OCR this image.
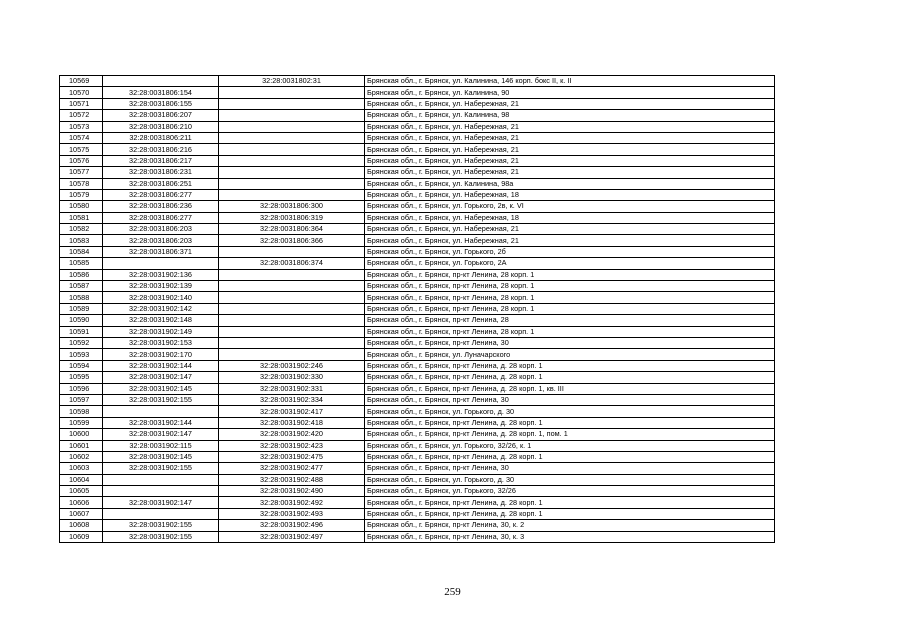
10569		32:28:0031802:31	Брянская обл., г. Брянск, ул. Калинина, 146 корп. бокс II, к. II
10570	32:28:0031806:154		Брянская обл., г. Брянск, ул. Калинина, 90
10571	32:28:0031806:155		Брянская обл., г. Брянск, ул. Набережная, 21
10572	32:28:0031806:207		Брянская обл., г. Брянск, ул. Калинина, 98
10573	32:28:0031806:210		Брянская обл., г. Брянск, ул. Набережная, 21
10574	32:28:0031806:211		Брянская обл., г. Брянск, ул. Набережная, 21
10575	32:28:0031806:216		Брянская обл., г. Брянск, ул. Набережная, 21
10576	32:28:0031806:217		Брянская обл., г. Брянск, ул. Набережная, 21
10577	32:28:0031806:231		Брянская обл., г. Брянск, ул. Набережная, 21
10578	32:28:0031806:251		Брянская обл., г. Брянск, ул. Калинина, 98а
10579	32:28:0031806:277		Брянская обл., г. Брянск, ул. Набережная, 18
10580	32:28:0031806:236	32:28:0031806:300	Брянская обл., г. Брянск, ул. Горького, 2в, к. VI
10581	32:28:0031806:277	32:28:0031806:319	Брянская обл., г. Брянск, ул. Набережная, 18
10582	32:28:0031806:203	32:28:0031806:364	Брянская обл., г. Брянск, ул. Набережная, 21
10583	32:28:0031806:203	32:28:0031806:366	Брянская обл., г. Брянск, ул. Набережная, 21
10584	32:28:0031806:371		Брянская обл., г. Брянск, ул. Горького, 2б
10585		32:28:0031806:374	Брянская обл., г. Брянск, ул. Горького, 2А
10586	32:28:0031902:136		Брянская обл., г. Брянск, пр-кт Ленина, 28 корп. 1
10587	32:28:0031902:139		Брянская обл., г. Брянск, пр-кт Ленина, 28 корп. 1
10588	32:28:0031902:140		Брянская обл., г. Брянск, пр-кт Ленина, 28 корп. 1
10589	32:28:0031902:142		Брянская обл., г. Брянск, пр-кт Ленина, 28 корп. 1
10590	32:28:0031902:148		Брянская обл., г. Брянск, пр-кт Ленина, 28
10591	32:28:0031902:149		Брянская обл., г. Брянск, пр-кт Ленина, 28 корп. 1
10592	32:28:0031902:153		Брянская обл., г. Брянск, пр-кт Ленина, 30
10593	32:28:0031902:170		Брянская обл., г. Брянск, ул. Луначарского
10594	32:28:0031902:144	32:28:0031902:246	Брянская обл., г. Брянск, пр-кт Ленина, д. 28 корп. 1
10595	32:28:0031902:147	32:28:0031902:330	Брянская обл., г. Брянск, пр-кт Ленина, д. 28 корп. 1
10596	32:28:0031902:145	32:28:0031902:331	Брянская обл., г. Брянск, пр-кт Ленина, д. 28 корп. 1, кв. III
10597	32:28:0031902:155	32:28:0031902:334	Брянская обл., г. Брянск, пр-кт Ленина, 30
10598		32:28:0031902:417	Брянская обл., г. Брянск, ул. Горького, д. 30
10599	32:28:0031902:144	32:28:0031902:418	Брянская обл., г. Брянск, пр-кт Ленина, д. 28 корп. 1
10600	32:28:0031902:147	32:28:0031902:420	Брянская обл., г. Брянск, пр-кт Ленина, д. 28 корп. 1, пом. 1
10601	32:28:0031902:115	32:28:0031902:423	Брянская обл., г. Брянск, ул. Горького, 32/26, к. 1
10602	32:28:0031902:145	32:28:0031902:475	Брянская обл., г. Брянск, пр-кт Ленина, д. 28 корп. 1
10603	32:28:0031902:155	32:28:0031902:477	Брянская обл., г. Брянск, пр-кт Ленина, 30
10604		32:28:0031902:488	Брянская обл., г. Брянск, ул. Горького, д. 30
10605		32:28:0031902:490	Брянская обл., г. Брянск, ул. Горького, 32/26
10606	32:28:0031902:147	32:28:0031902:492	Брянская обл., г. Брянск, пр-кт Ленина, д. 28 корп. 1
10607		32:28:0031902:493	Брянская обл., г. Брянск, пр-кт Ленина, д. 28 корп. 1
10608	32:28:0031902:155	32:28:0031902:496	Брянская обл., г. Брянск, пр-кт Ленина, 30, к. 2
10609	32:28:0031902:155	32:28:0031902:497	Брянская обл., г. Брянск, пр-кт Ленина, 30, к. 3
259
